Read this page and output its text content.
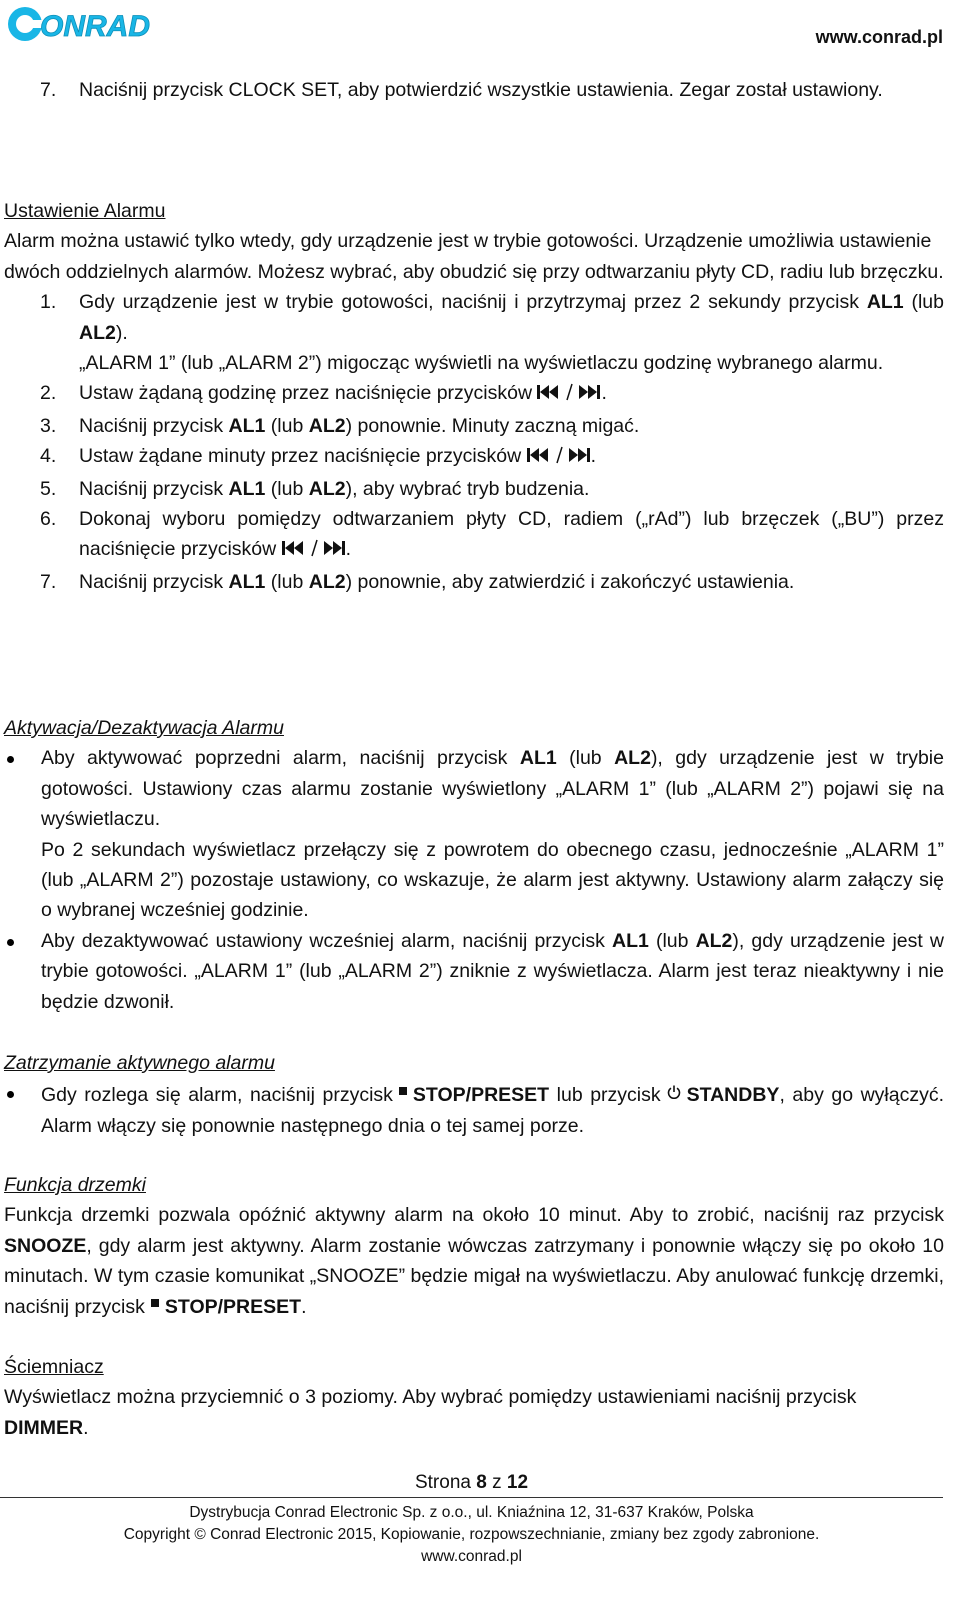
ONRAD	www.conrad.pl
7. Naciśnij przycisk CLOCK SET, aby potwierdzić wszystkie ustawienia. Zegar został ustawiony.

Ustawienie Alarmu

Alarm można ustawić tylko wtedy, gdy urządzenie jest w trybie gotowości. Urządzenie umożliwia ustawienie dwóch oddzielnych alarmów. Możesz wybrać, aby obudzić się przy odtwarzaniu płyty CD, radiu lub brzęczku.

1. Gdy urządzenie jest w trybie gotowości, naciśnij i przytrzymaj przez 2 sekundy przycisk AL1 (lub AL2).
„ALARM 1” (lub „ALARM 2”) migocząc wyświetli na wyświetlaczu godzinę wybranego alarmu.
2. Ustaw żądaną godzinę przez naciśnięcie przycisków	.
3. Naciśnij przycisk AL1 (lub AL2) ponownie. Minuty zaczną migać.
4. Ustaw żądane minuty przez naciśnięcie przycisków	.
5. Naciśnij przycisk AL1 (lub AL2), aby wybrać tryb budzenia.
6. Dokonaj wyboru pomiędzy odtwarzaniem płyty CD, radiem („rAd”) lub brzęczek („BU”) przez naciśnięcie przycisków	.
7. Naciśnij przycisk AL1 (lub AL2) ponownie, aby zatwierdzić i zakończyć ustawienia.

Aktywacja/Dezaktywacja Alarmu

Aby aktywować poprzedni alarm, naciśnij przycisk AL1 (lub AL2), gdy urządzenie jest w trybie gotowości. Ustawiony czas alarmu zostanie wyświetlony „ALARM 1” (lub „ALARM 2”) pojawi się na wyświetlaczu.
Po 2 sekundach wyświetlacz przełączy się z powrotem do obecnego czasu, jednocześnie „ALARM 1” (lub „ALARM 2”) pozostaje ustawiony, co wskazuje, że alarm jest aktywny. Ustawiony alarm załączy się o wybranej wcześniej godzinie.
Aby dezaktywować ustawiony wcześniej alarm, naciśnij przycisk AL1 (lub AL2), gdy urządzenie jest w trybie gotowości. „ALARM 1” (lub „ALARM 2”) zniknie z wyświetlacza. Alarm jest teraz nieaktywny i nie będzie dzwonił.

Zatrzymanie aktywnego alarmu

Gdy rozlega się alarm, naciśnij przycisk STOP/PRESET lub przycisk STANDBY, aby go wyłączyć. Alarm włączy się ponownie następnego dnia o tej samej porze.

Funkcja drzemki

Funkcja drzemki pozwala opóźnić aktywny alarm na około 10 minut. Aby to zrobić, naciśnij raz przycisk SNOOZE, gdy alarm jest aktywny. Alarm zostanie wówczas zatrzymany i ponownie włączy się po około 10 minutach. W tym czasie komunikat „SNOOZE” będzie migał na wyświetlaczu. Aby anulować funkcję drzemki, naciśnij przycisk STOP/PRESET.

Ściemniacz

Wyświetlacz można przyciemnić o 3 poziomy. Aby wybrać pomiędzy ustawieniami naciśnij przycisk DIMMER.

Strona 8 z 12
Dystrybucja Conrad Electronic Sp. z o.o., ul. Kniaźnina 12, 31-637 Kraków, Polska
Copyright © Conrad Electronic 2015, Kopiowanie, rozpowszechnianie, zmiany bez zgody zabronione.
www.conrad.pl
